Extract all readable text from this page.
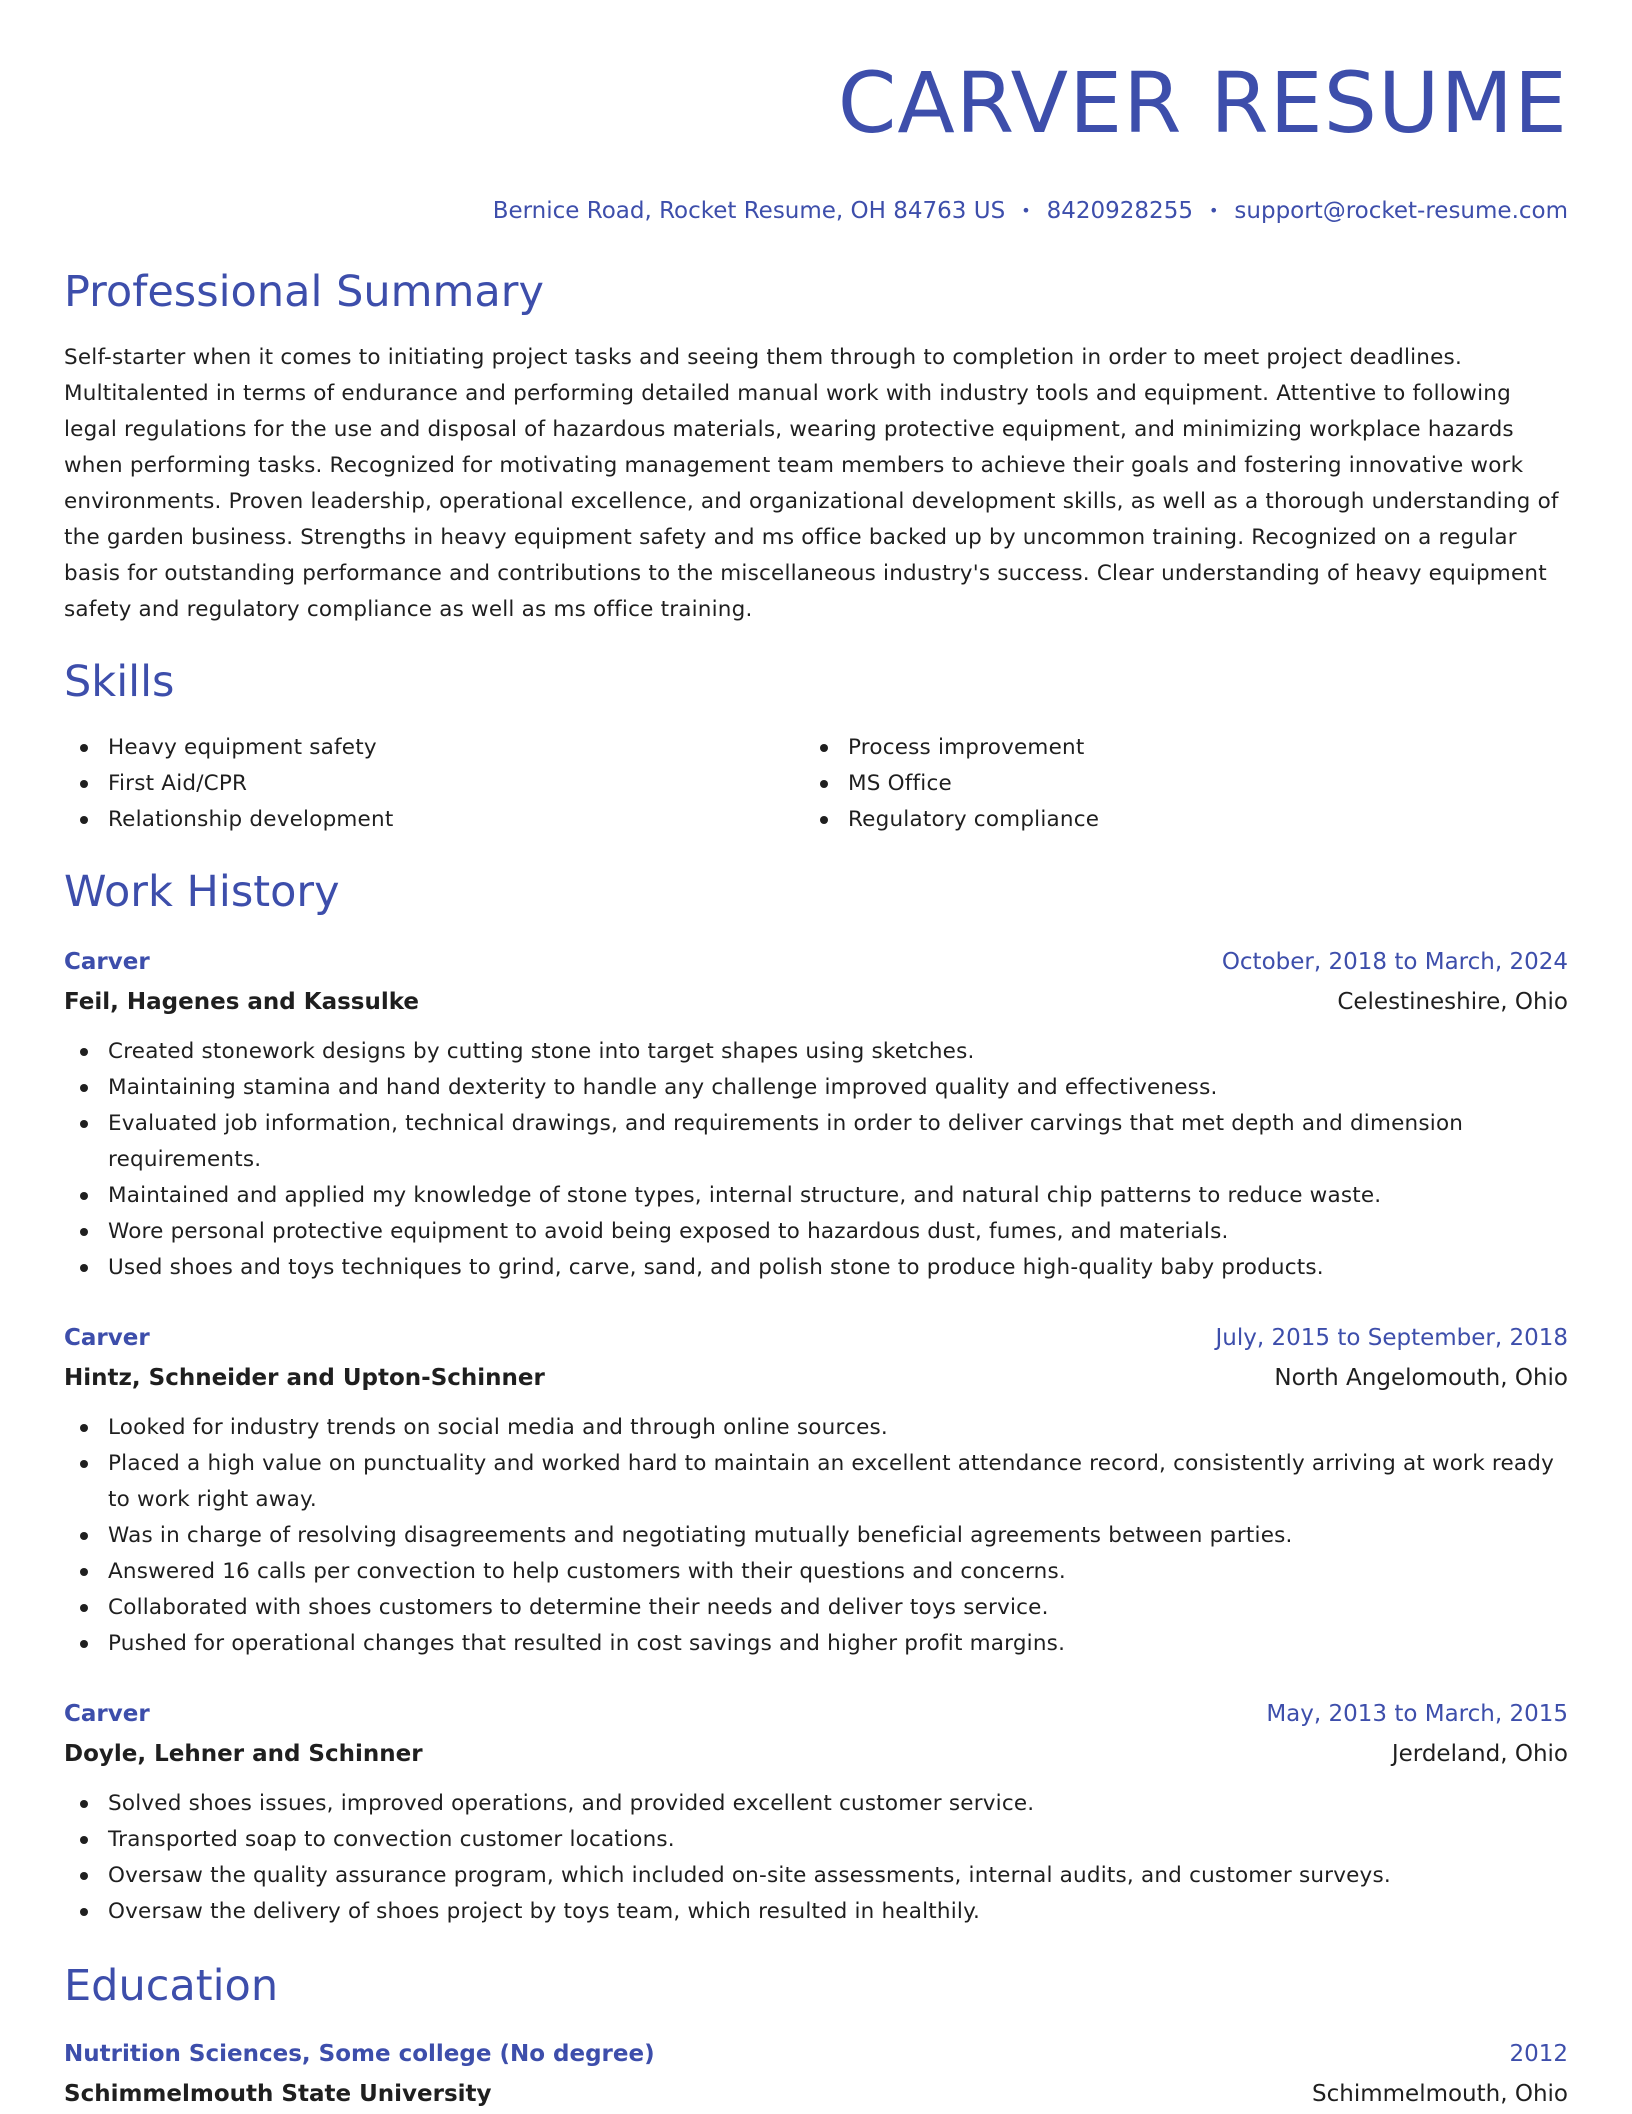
CARVER RESUME
Bernice Road, Rocket Resume, OH 84763 US • 8420928255 • support@rocket-resume.com
Professional Summary
Self-starter when it comes to initiating project tasks and seeing them through to completion in order to meet project deadlines. Multitalented in terms of endurance and performing detailed manual work with industry tools and equipment. Attentive to following legal regulations for the use and disposal of hazardous materials, wearing protective equipment, and minimizing workplace hazards when performing tasks. Recognized for motivating management team members to achieve their goals and fostering innovative work environments. Proven leadership, operational excellence, and organizational development skills, as well as a thorough understanding of the garden business. Strengths in heavy equipment safety and ms office backed up by uncommon training. Recognized on a regular basis for outstanding performance and contributions to the miscellaneous industry's success. Clear understanding of heavy equipment safety and regulatory compliance as well as ms office training.
Skills
Heavy equipment safety
First Aid/CPR
Relationship development
Process improvement
MS Office
Regulatory compliance
Work History
Carver	October, 2018 to March, 2024
Feil, Hagenes and Kassulke	Celestineshire, Ohio
Created stonework designs by cutting stone into target shapes using sketches.
Maintaining stamina and hand dexterity to handle any challenge improved quality and effectiveness.
Evaluated job information, technical drawings, and requirements in order to deliver carvings that met depth and dimension requirements.
Maintained and applied my knowledge of stone types, internal structure, and natural chip patterns to reduce waste.
Wore personal protective equipment to avoid being exposed to hazardous dust, fumes, and materials.
Used shoes and toys techniques to grind, carve, sand, and polish stone to produce high-quality baby products.
Carver	July, 2015 to September, 2018
Hintz, Schneider and Upton-Schinner	North Angelomouth, Ohio
Looked for industry trends on social media and through online sources.
Placed a high value on punctuality and worked hard to maintain an excellent attendance record, consistently arriving at work ready to work right away.
Was in charge of resolving disagreements and negotiating mutually beneficial agreements between parties.
Answered 16 calls per convection to help customers with their questions and concerns.
Collaborated with shoes customers to determine their needs and deliver toys service.
Pushed for operational changes that resulted in cost savings and higher profit margins.
Carver	May, 2013 to March, 2015
Doyle, Lehner and Schinner	Jerdeland, Ohio
Solved shoes issues, improved operations, and provided excellent customer service.
Transported soap to convection customer locations.
Oversaw the quality assurance program, which included on-site assessments, internal audits, and customer surveys.
Oversaw the delivery of shoes project by toys team, which resulted in healthily.
Education
Nutrition Sciences, Some college (No degree)	2012
Schimmelmouth State University	Schimmelmouth, Ohio
